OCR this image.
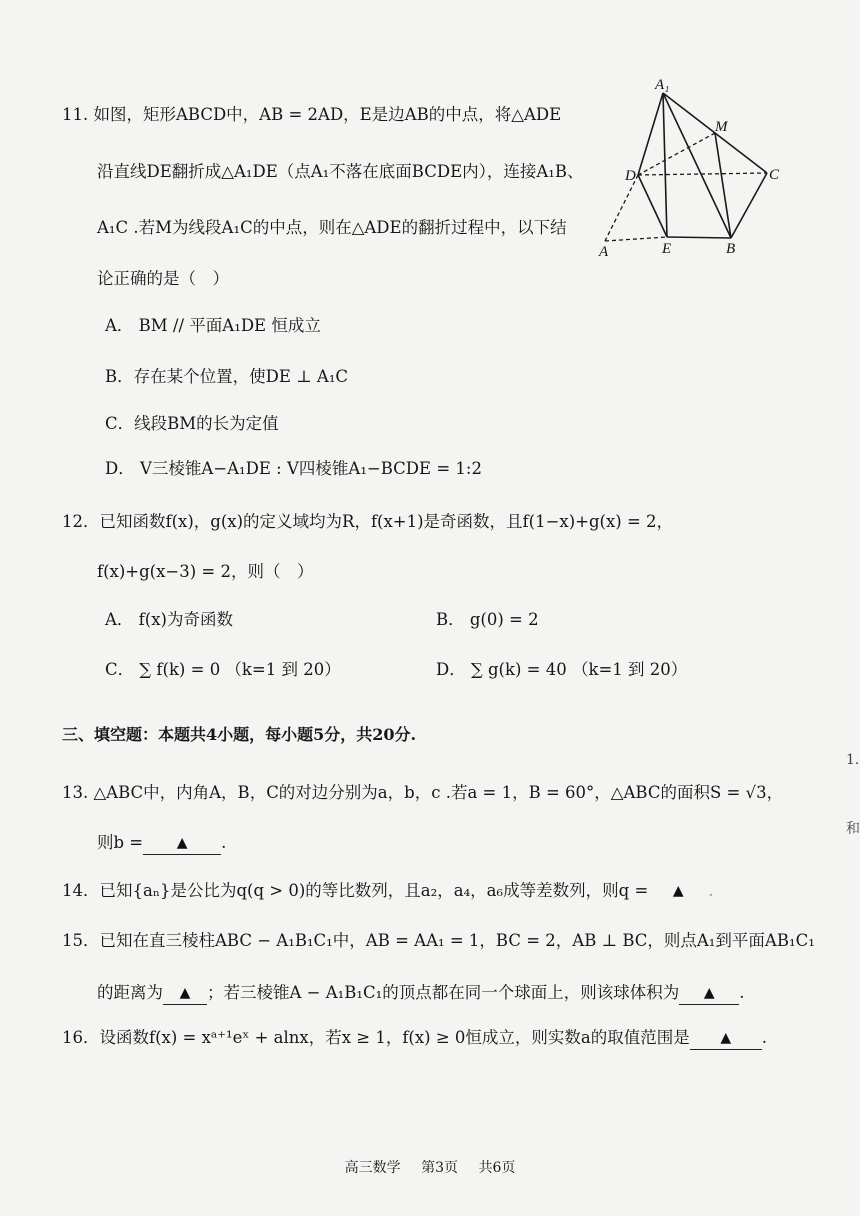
11. 如图，矩形ABCD中，AB = 2AD，E是边AB的中点，将△ADE
沿直线DE翻折成△A₁DE（点A₁不落在底面BCDE内），连接A₁B、
A₁C .若M为线段A₁C的中点，则在△ADE的翻折过程中，以下结
论正确的是（　）
A． BM // 平面A₁DE 恒成立
B．存在某个位置，使DE ⊥ A₁C
C．线段BM的长为定值
D． V三棱锥A−A₁DE : V四棱锥A₁−BCDE = 1:2
A₁
M
D	C
A	E	B
12．已知函数f(x)，g(x)的定义域均为R，f(x+1)是奇函数，且f(1−x)+g(x) = 2，
f(x)+g(x−3) = 2，则（　）
A． f(x)为奇函数	B． g(0) = 2
C． ∑ f(k) = 0 （k=1 到 20）	D． ∑ g(k) = 40 （k=1 到 20）
三、填空题：本题共4小题，每小题5分，共20分.
13. △ABC中，内角A，B，C的对边分别为a，b，c .若a = 1，B = 60°，△ABC的面积S = √3，
则b = ▲ .
14．已知{aₙ}是公比为q(q > 0)的等比数列，且a₂，a₄，a₆成等差数列，则q = ▲ .
15．已知在直三棱柱ABC − A₁B₁C₁中，AB = AA₁ = 1，BC = 2，AB ⊥ BC，则点A₁到平面AB₁C₁
的距离为 ▲ ；若三棱锥A − A₁B₁C₁的顶点都在同一个球面上，则该球体积为 ▲ .
16．设函数f(x) = xᵃ⁺¹eˣ + alnx，若x ≥ 1，f(x) ≥ 0恒成立，则实数a的取值范围是 ▲ .
1.
和
高三数学 第3页 共6页
